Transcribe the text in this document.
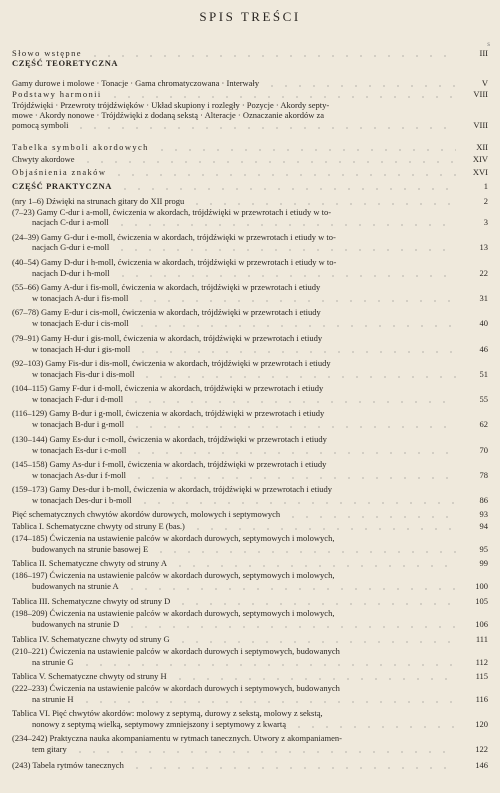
SPIS TREŚCI
s
Słowo wstępne	III
CZĘŚĆ TEORETYCZNA
Gamy durowe i molowe · Tonacje · Gama chromatyczowana · Interwały	V
Podstawy harmonii	VIII
Trójdźwięki · Przewroty trójdźwięków · Układ skupiony i rozległy · Pozycje · Akordy septy-
mowe · Akordy nonowe · Trójdźwięki z dodaną sekstą · Alteracje · Oznaczanie akordów za
pomocą symboli	VIII
Tabelka symboli akordowych	XII
Chwyty akordowe	XIV
Objaśnienia znaków	XVI
CZĘŚĆ PRAKTYCZNA	1
(nry 1–6) Dźwięki na strunach gitary do XII progu	2
(7–23) Gamy C-dur i a-moll, ćwiczenia w akordach, trójdźwięki w przewrotach i etiudy w to-
nacjach C-dur i a-moll	3
(24–39) Gamy G-dur i e-moll, ćwiczenia w akordach, trójdźwięki w przewrotach i etiudy w to-
nacjach G-dur i e-moll	13
(40–54) Gamy D-dur i h-moll, ćwiczenia w akordach, trójdźwięki w przewrotach i etiudy w to-
nacjach D-dur i h-moll	22
(55–66) Gamy A-dur i fis-moll, ćwiczenia w akordach, trójdźwięki w przewrotach i etiudy
w tonacjach A-dur i fis-moll	31
(67–78) Gamy E-dur i cis-moll, ćwiczenia w akordach, trójdźwięki w przewrotach i etiudy
w tonacjach E-dur i cis-moll	40
(79–91) Gamy H-dur i gis-moll, ćwiczenia w akordach, trójdźwięki w przewrotach i etiudy
w tonacjach H-dur i gis-moll	46
(92–103) Gamy Fis-dur i dis-moll, ćwiczenia w akordach, trójdźwięki w przewrotach i etiudy
w tonacjach Fis-dur i dis-moll	51
(104–115) Gamy F-dur i d-moll, ćwiczenia w akordach, trójdźwięki w przewrotach i etiudy
w tonacjach F-dur i d-moll	55
(116–129) Gamy B-dur i g-moll, ćwiczenia w akordach, trójdźwięki w przewrotach i etiudy
w tonacjach B-dur i g-moll	62
(130–144) Gamy Es-dur i c-moll, ćwiczenia w akordach, trójdźwięki w przewrotach i etiudy
w tonacjach Es-dur i c-moll	70
(145–158) Gamy As-dur i f-moll, ćwiczenia w akordach, trójdźwięki w przewrotach i etiudy
w tonacjach As-dur i f-moll	78
(159–173) Gamy Des-dur i b-moll, ćwiczenia w akordach, trójdźwięki w przewrotach i etiudy
w tonacjach Des-dur i b-moll	86
Pięć schematycznych chwytów akordów durowych, molowych i septymowych	93
Tablica I. Schematyczne chwyty od struny E (bas.)	94
(174–185) Ćwiczenia na ustawienie palców w akordach durowych, septymowych i molowych,
budowanych na strunie basowej E	95
Tablica II. Schematyczne chwyty od struny A	99
(186–197) Ćwiczenia na ustawienie palców w akordach durowych, septymowych i molowych,
budowanych na strunie A	100
Tablica III. Schematyczne chwyty od struny D	105
(198–209) Ćwiczenia na ustawienie palców w akordach durowych, septymowych i molowych,
budowanych na strunie D	106
Tablica IV. Schematyczne chwyty od struny G	111
(210–221) Ćwiczenia na ustawienie palców w akordach durowych i septymowych, budowanych
na strunie G	112
Tablica V. Schematyczne chwyty od struny H	115
(222–233) Ćwiczenia na ustawienie palców w akordach durowych i septymowych, budowanych
na strunie H	116
Tablica VI. Pięć chwytów akordów: molowy z septymą, durowy z sekstą, molowy z sekstą,
nonowy z septymą wielką, septymowy zmniejszony i septymowy z kwartą	120
(234–242) Praktyczna nauka akompaniamentu w rytmach tanecznych. Utwory z akompaniamen-
tem gitary	122
(243) Tabela rytmów tanecznych	146
